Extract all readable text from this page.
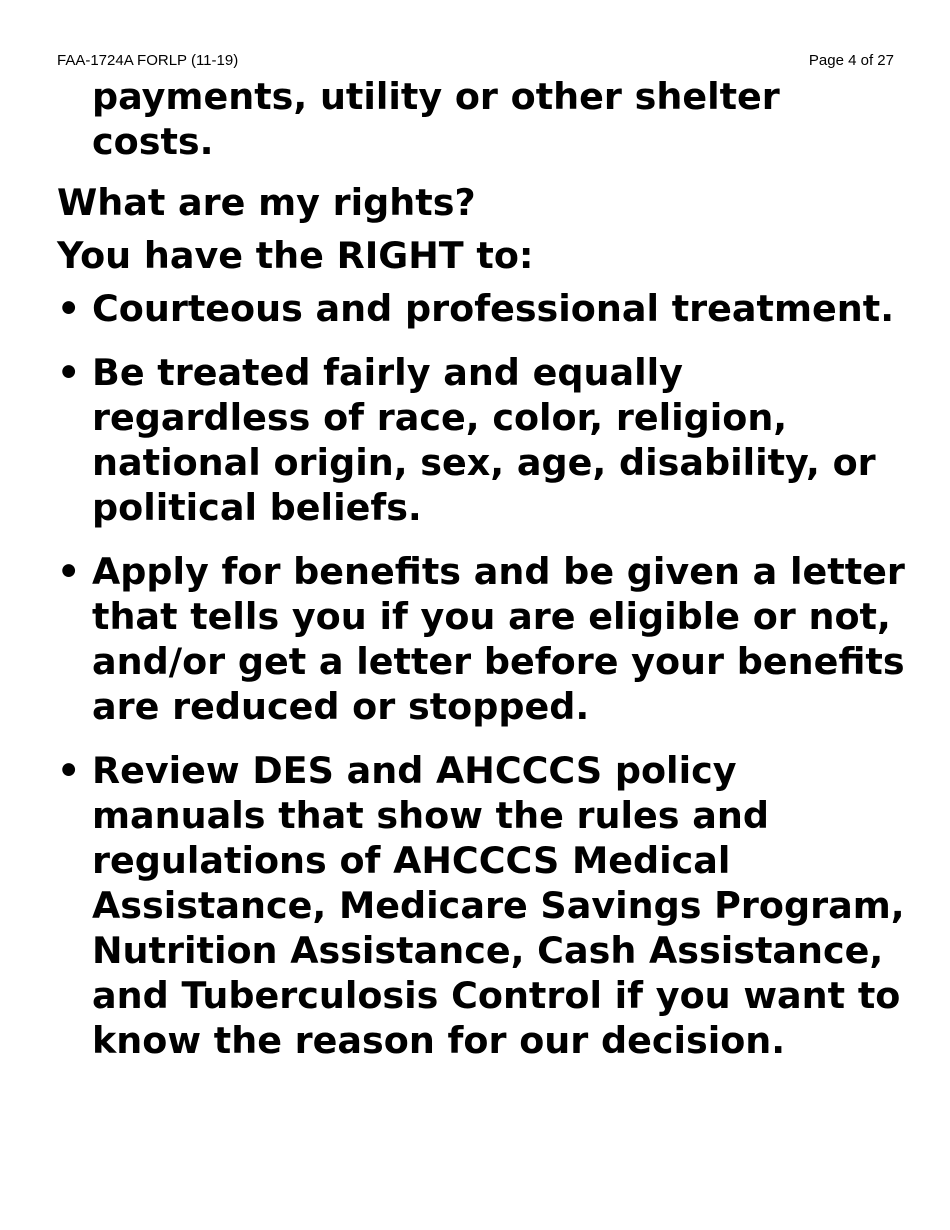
FAA-1724A FORLP (11-19)	Page 4 of 27

payments, utility or other shelter costs.

What are my rights?

You have the RIGHT to:

• Courteous and professional treatment.
• Be treated fairly and equally regardless of race, color, religion, national origin, sex, age, disability, or political beliefs.
• Apply for benefits and be given a letter that tells you if you are eligible or not, and/or get a letter before your benefits are reduced or stopped.
• Review DES and AHCCCS policy manuals that show the rules and regulations of AHCCCS Medical Assistance, Medicare Savings Program, Nutrition Assistance, Cash Assistance, and Tuberculosis Control if you want to know the reason for our decision.
